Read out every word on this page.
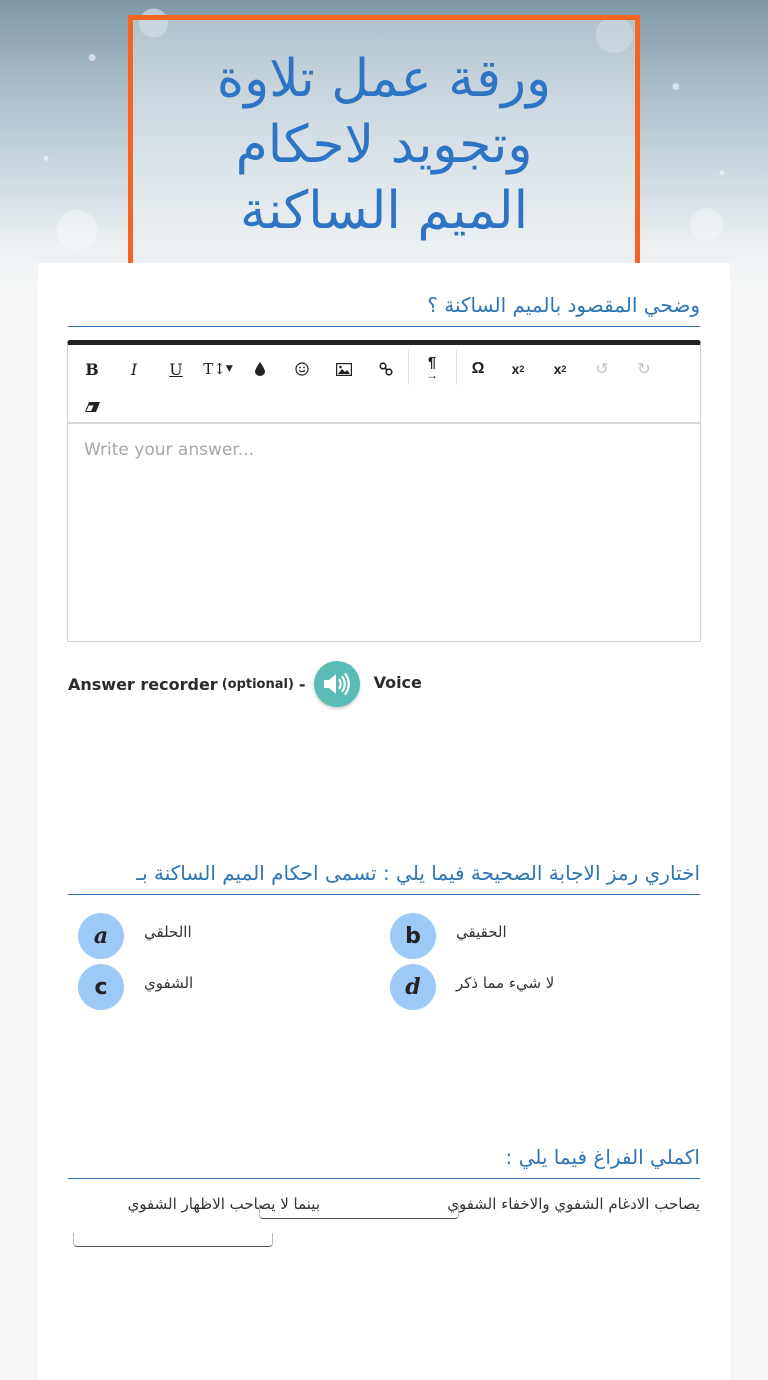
ورقة عمل تلاوة وتجويد لاحكام الميم الساكنة
وضحي المقصود بالميم الساكنة ؟
B	I	U	T↕ ▼	¶
→	Ω	x 2	x 2	↺	↻
Write your answer...
Answer recorder (optional) -	Voice
اختاري رمز الاجابة الصحيحة فيما يلي : تسمى احكام الميم الساكنة بـ
a	االحلقي	b	الحقيقي
c	الشفوي	d	لا شيء مما ذكر
اكملي الفراغ فيما يلي :
يصاحب الادغام الشفوي والاخفاء الشفوي
بينما لا يصاحب الاظهار الشفوي
